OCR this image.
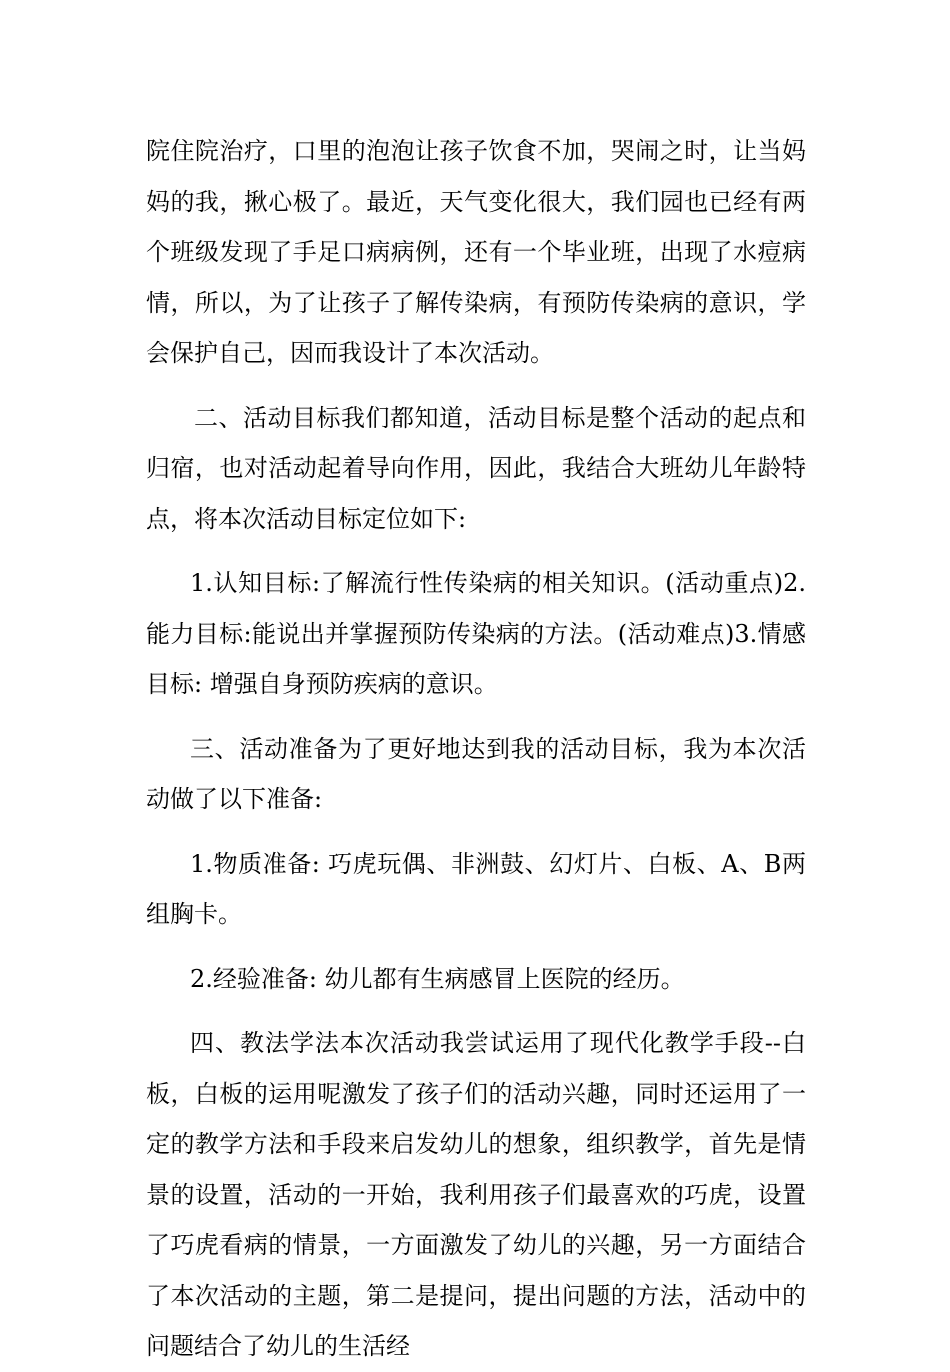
院住院治疗，口里的泡泡让孩子饮食不加，哭闹之时，让当妈妈的我，揪心极了。最近，天气变化很大，我们园也已经有两个班级发现了手足口病病例，还有一个毕业班，出现了水痘病情，所以，为了让孩子了解传染病，有预防传染病的意识，学会保护自己，因而我设计了本次活动。

二、活动目标我们都知道，活动目标是整个活动的起点和归宿，也对活动起着导向作用，因此，我结合大班幼儿年龄特点，将本次活动目标定位如下:

1.认知目标:了解流行性传染病的相关知识。(活动重点)2.能力目标:能说出并掌握预防传染病的方法。(活动难点)3.情感目标: 增强自身预防疾病的意识。

三、活动准备为了更好地达到我的活动目标，我为本次活动做了以下准备:

1.物质准备: 巧虎玩偶、非洲鼓、幻灯片、白板、A、B两组胸卡。

2.经验准备: 幼儿都有生病感冒上医院的经历。

四、教法学法本次活动我尝试运用了现代化教学手段--白板，白板的运用呢激发了孩子们的活动兴趣，同时还运用了一定的教学方法和手段来启发幼儿的想象，组织教学，首先是情景的设置，活动的一开始，我利用孩子们最喜欢的巧虎，设置了巧虎看病的情景，一方面激发了幼儿的兴趣，另一方面结合了本次活动的主题，第二是提问，提出问题的方法，活动中的问题结合了幼儿的生活经
